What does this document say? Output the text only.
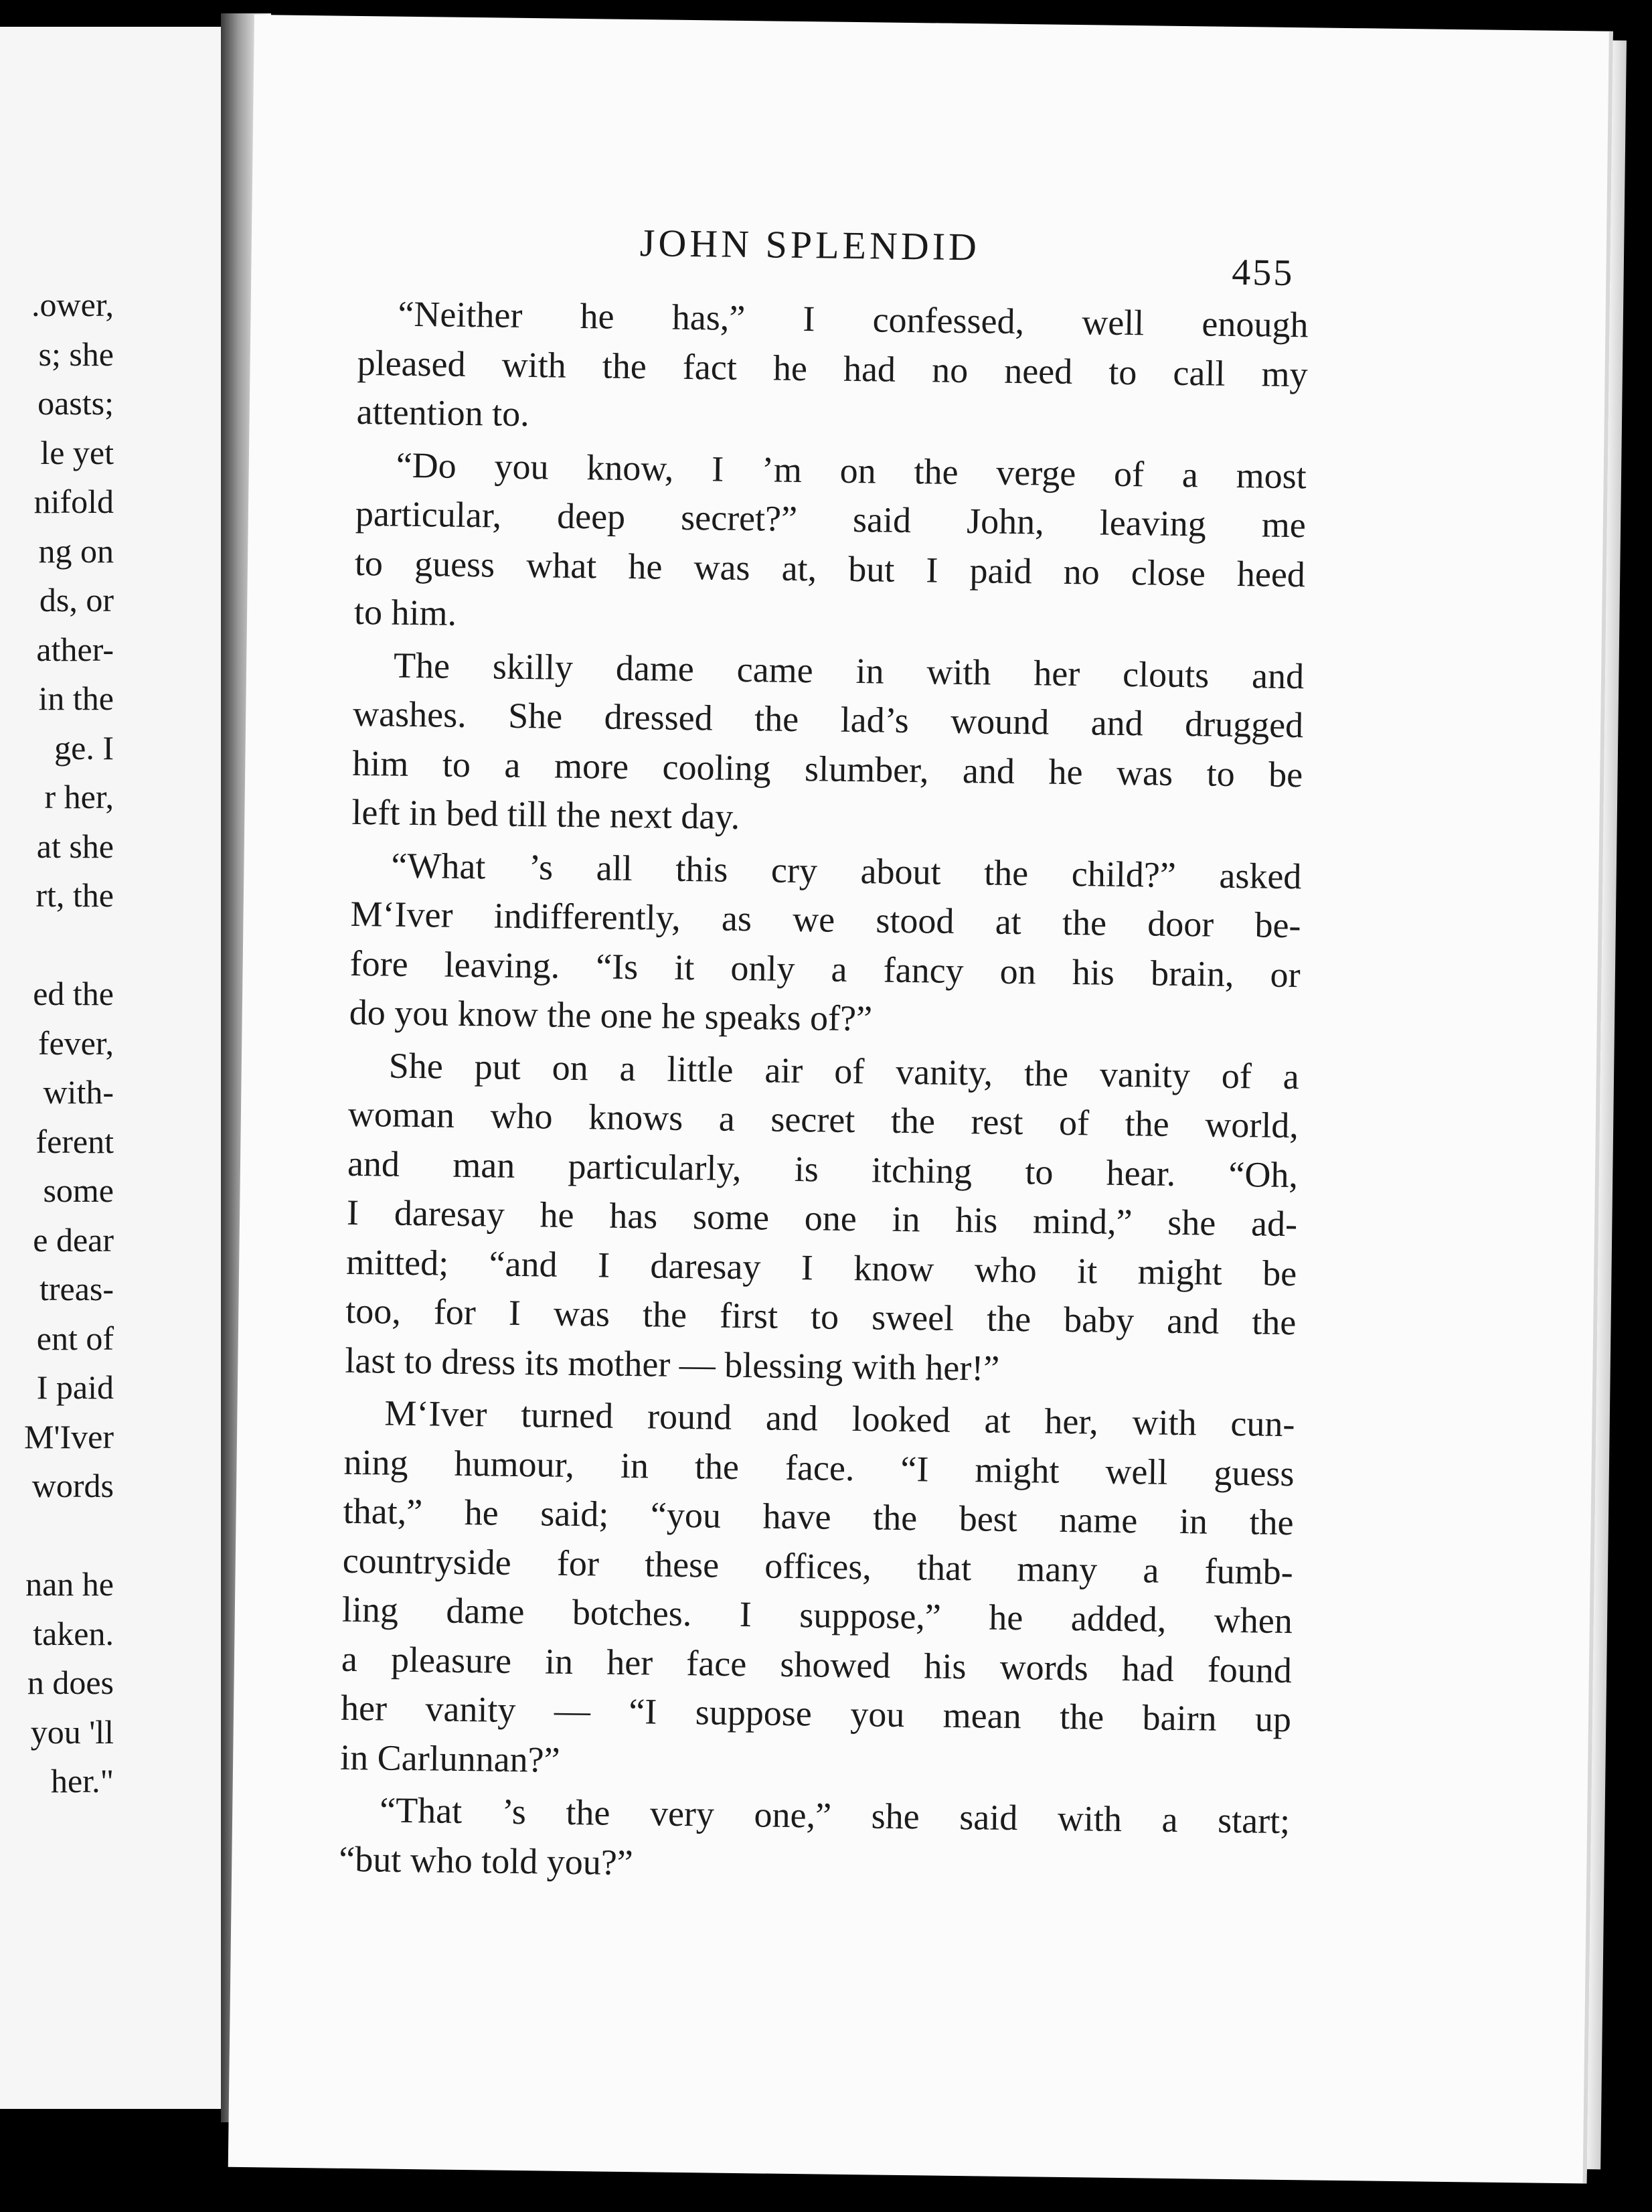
.ower,
s; she
oasts;
le yet
nifold
ng on
ds, or
ather-
in the
ge. I
r her,
at she
rt, the
ed the
fever,
with-
ferent
some
e dear
treas-
ent of
I paid
M'Iver
words
nan he
taken.
n does
you 'll
her."
JOHN SPLENDID
455
“Neither he has,” I confessed, well enough
pleased with the fact he had no need to call my
attention to.
“Do you know, I ’m on the verge of a most
particular, deep secret?” said John, leaving me
to guess what he was at, but I paid no close heed
to him.
The skilly dame came in with her clouts and
washes. She dressed the lad’s wound and drugged
him to a more cooling slumber, and he was to be
left in bed till the next day.
“What ’s all this cry about the child?” asked
M‘Iver indifferently, as we stood at the door be-
fore leaving. “Is it only a fancy on his brain, or
do you know the one he speaks of?”
She put on a little air of vanity, the vanity of a
woman who knows a secret the rest of the world,
and man particularly, is itching to hear. “Oh,
I daresay he has some one in his mind,” she ad-
mitted; “and I daresay I know who it might be
too, for I was the first to sweel the baby and the
last to dress its mother — blessing with her!”
M‘Iver turned round and looked at her, with cun-
ning humour, in the face. “I might well guess
that,” he said; “you have the best name in the
countryside for these offices, that many a fumb-
ling dame botches. I suppose,” he added, when
a pleasure in her face showed his words had found
her vanity — “I suppose you mean the bairn up
in Carlunnan?”
“That ’s the very one,” she said with a start;
“but who told you?”
